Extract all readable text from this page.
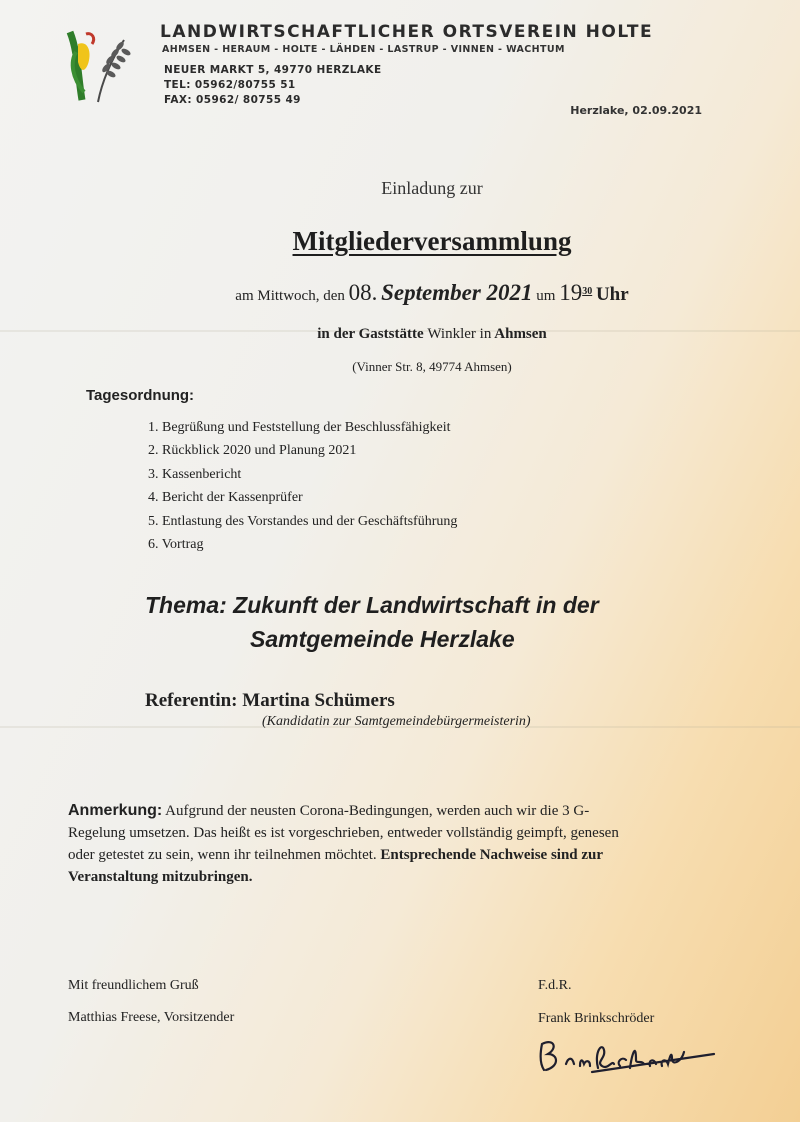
LANDWIRTSCHAFTLICHER ORTSVEREIN HOLTE
AHMSEN - HERAUM - HOLTE - LÄHDEN - LASTRUP - VINNEN - WACHTUM
NEUER MARKT 5, 49770 HERZLAKE
TEL: 05962/80755 51
FAX: 05962/ 80755 49
Herzlake, 02.09.2021
Einladung zur
Mitgliederversammlung
am Mittwoch, den 08. September 2021 um $19^{30}$ Uhr
in der Gaststätte Winkler in Ahmsen
(Vinner Str. 8, 49774 Ahmsen)
Tagesordnung:
1. Begrüßung und Feststellung der Beschlussfähigkeit
2. Rückblick 2020 und Planung 2021
3. Kassenbericht
4. Bericht der Kassenprüfer
5. Entlastung des Vorstandes und der Geschäftsführung
6. Vortrag
Thema: Zukunft der Landwirtschaft in der
Samtgemeinde Herzlake
Referentin: Martina Schümers
(Kandidatin zur Samtgemeindebürgermeisterin)
Anmerkung: Aufgrund der neusten Corona-Bedingungen, werden auch wir die 3 G-
Regelung umsetzen. Das heißt es ist vorgeschrieben, entweder vollständig geimpft, genesen
oder getestet zu sein, wenn ihr teilnehmen möchtet. Entsprechende Nachweise sind zur
Veranstaltung mitzubringen.
Mit freundlichem Gruß
Matthias Freese, Vorsitzender
F.d.R.
Frank Brinkschröder
